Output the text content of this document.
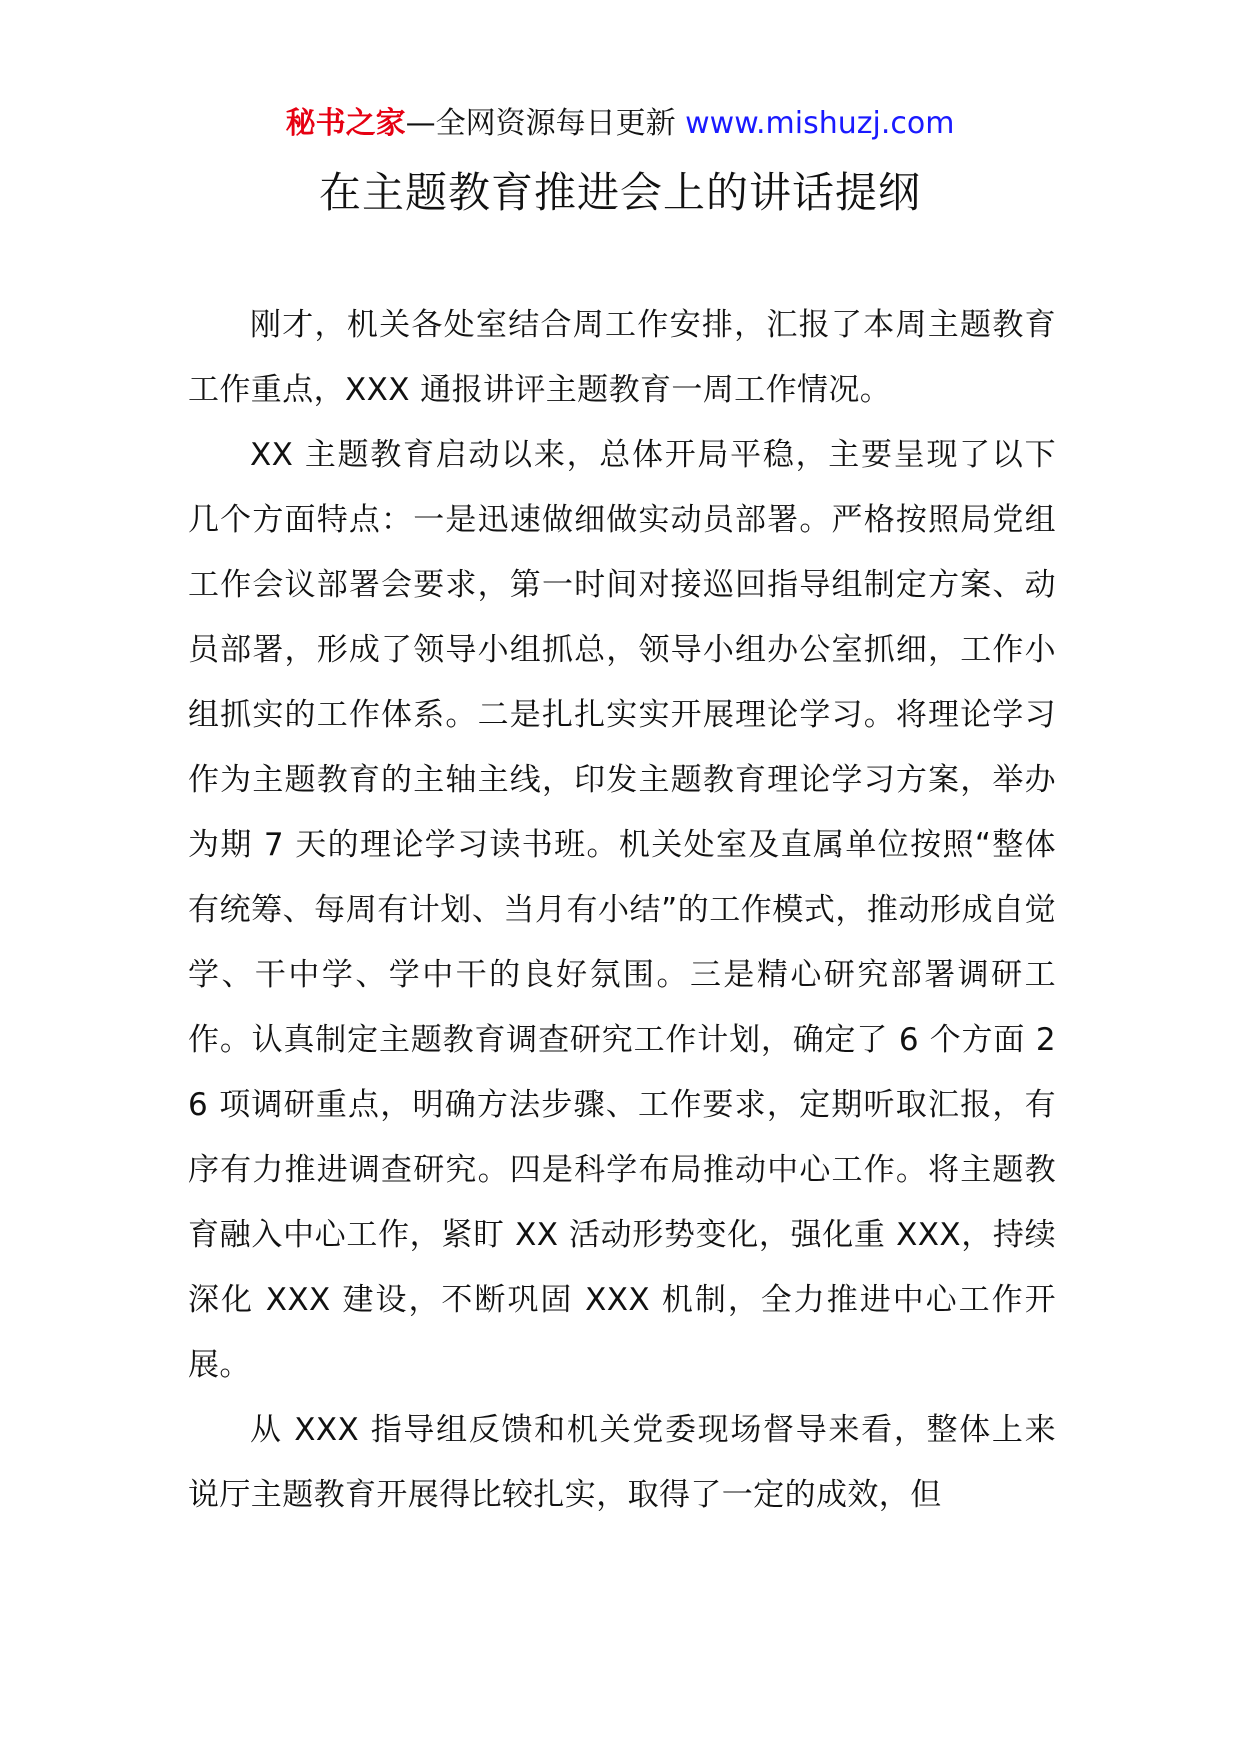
秘书之家—全网资源每日更新 www.mishuzj.com
在主题教育推进会上的讲话提纲

刚才，机关各处室结合周工作安排，汇报了本周主题教育工作重点，XXX 通报讲评主题教育一周工作情况。

XX 主题教育启动以来，总体开局平稳，主要呈现了以下几个方面特点：一是迅速做细做实动员部署。严格按照局党组工作会议部署会要求，第一时间对接巡回指导组制定方案、动员部署，形成了领导小组抓总，领导小组办公室抓细，工作小组抓实的工作体系。二是扎扎实实开展理论学习。将理论学习作为主题教育的主轴主线，印发主题教育理论学习方案，举办为期 7 天的理论学习读书班。机关处室及直属单位按照“整体有统筹、每周有计划、当月有小结”的工作模式，推动形成自觉学、干中学、学中干的良好氛围。三是精心研究部署调研工作。认真制定主题教育调查研究工作计划，确定了 6 个方面 26 项调研重点，明确方法步骤、工作要求，定期听取汇报，有序有力推进调查研究。四是科学布局推动中心工作。将主题教育融入中心工作，紧盯 XX 活动形势变化，强化重 XXX，持续深化 XXX 建设，不断巩固 XXX 机制，全力推进中心工作开展。

从 XXX 指导组反馈和机关党委现场督导来看，整体上来说厅主题教育开展得比较扎实，取得了一定的成效，但
